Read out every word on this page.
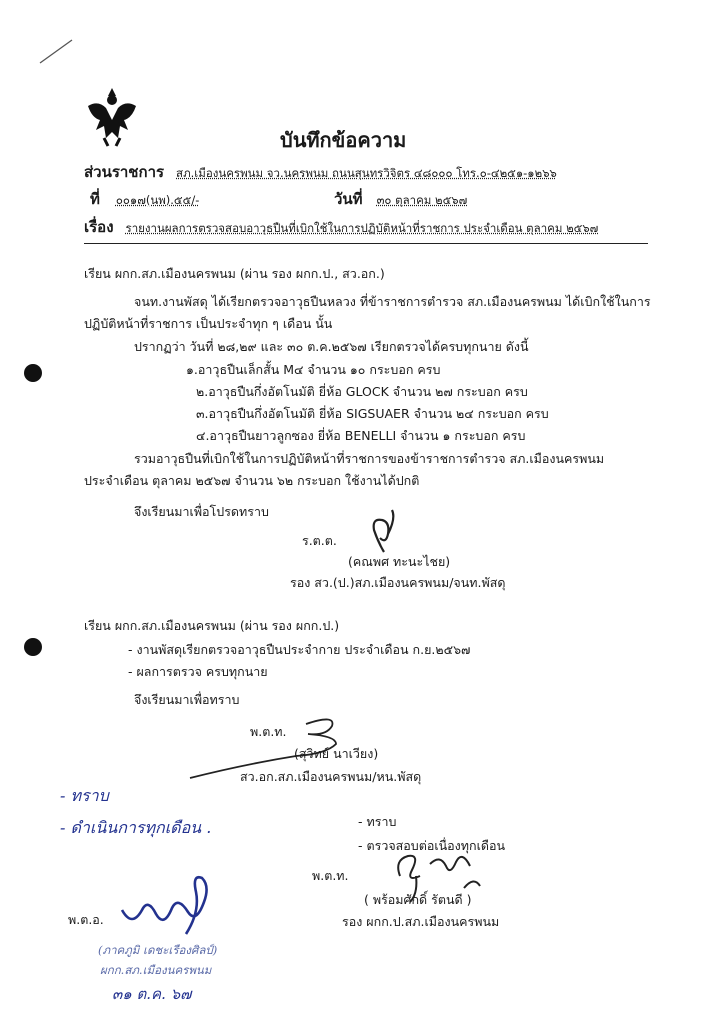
บันทึกข้อความ
ส่วนราชการ สภ.เมืองนครพนม จว.นครพนม ถนนสุนทรวิจิตร ๔๘๐๐๐ โทร.๐-๔๒๕๑-๑๒๖๖
ที่ ๐๐๑๗(นพ).๕๕/-	วันที่ ๓๐ ตุลาคม ๒๕๖๗
เรื่อง รายงานผลการตรวจสอบอาวุธปืนที่เบิกใช้ในการปฏิบัติหน้าที่ราชการ ประจำเดือน ตุลาคม ๒๕๖๗
เรียน ผกก.สภ.เมืองนครพนม (ผ่าน รอง ผกก.ป., สว.อก.)
จนท.งานพัสดุ ได้เรียกตรวจอาวุธปืนหลวง ที่ข้าราชการตำรวจ สภ.เมืองนครพนม ได้เบิกใช้ในการ
ปฏิบัติหน้าที่ราชการ เป็นประจำทุก ๆ เดือน นั้น
ปรากฏว่า วันที่ ๒๘,๒๙ และ ๓๐ ต.ค.๒๕๖๗ เรียกตรวจได้ครบทุกนาย ดังนี้
๑.อาวุธปืนเล็กสั้น M๔ จำนวน ๑๐ กระบอก ครบ
๒.อาวุธปืนกึ่งอัตโนมัติ ยี่ห้อ GLOCK จำนวน ๒๗ กระบอก ครบ
๓.อาวุธปืนกึ่งอัตโนมัติ ยี่ห้อ SIGSUAER จำนวน ๒๔ กระบอก ครบ
๔.อาวุธปืนยาวลูกซอง ยี่ห้อ BENELLI จำนวน ๑ กระบอก ครบ
รวมอาวุธปืนที่เบิกใช้ในการปฏิบัติหน้าที่ราชการของข้าราชการตำรวจ สภ.เมืองนครพนม
ประจำเดือน ตุลาคม ๒๕๖๗ จำนวน ๖๒ กระบอก ใช้งานได้ปกติ
จึงเรียนมาเพื่อโปรดทราบ
ร.ต.ต.
(คณพศ ทะนะไชย)
รอง สว.(ป.)สภ.เมืองนครพนม/จนท.พัสดุ
เรียน ผกก.สภ.เมืองนครพนม (ผ่าน รอง ผกก.ป.)
- งานพัสดุเรียกตรวจอาวุธปืนประจำกาย ประจำเดือน ก.ย.๒๕๖๗
- ผลการตรวจ ครบทุกนาย
จึงเรียนมาเพื่อทราบ
พ.ต.ท.
(สุวิทย์ นาเวียง)
สว.อก.สภ.เมืองนครพนม/หน.พัสดุ
- ทราบ
- ดำเนินการทุกเดือน .	- ทราบ
- ตรวจสอบต่อเนื่องทุกเดือน
พ.ต.ท.
( พร้อมศักดิ์ รัตนดี )
รอง ผกก.ป.สภ.เมืองนครพนม
พ.ต.อ.
(ภาคภูมิ เดชะเรืองศิลป์)
ผกก.สภ.เมืองนครพนม
๓๑ ต.ค. ๖๗
